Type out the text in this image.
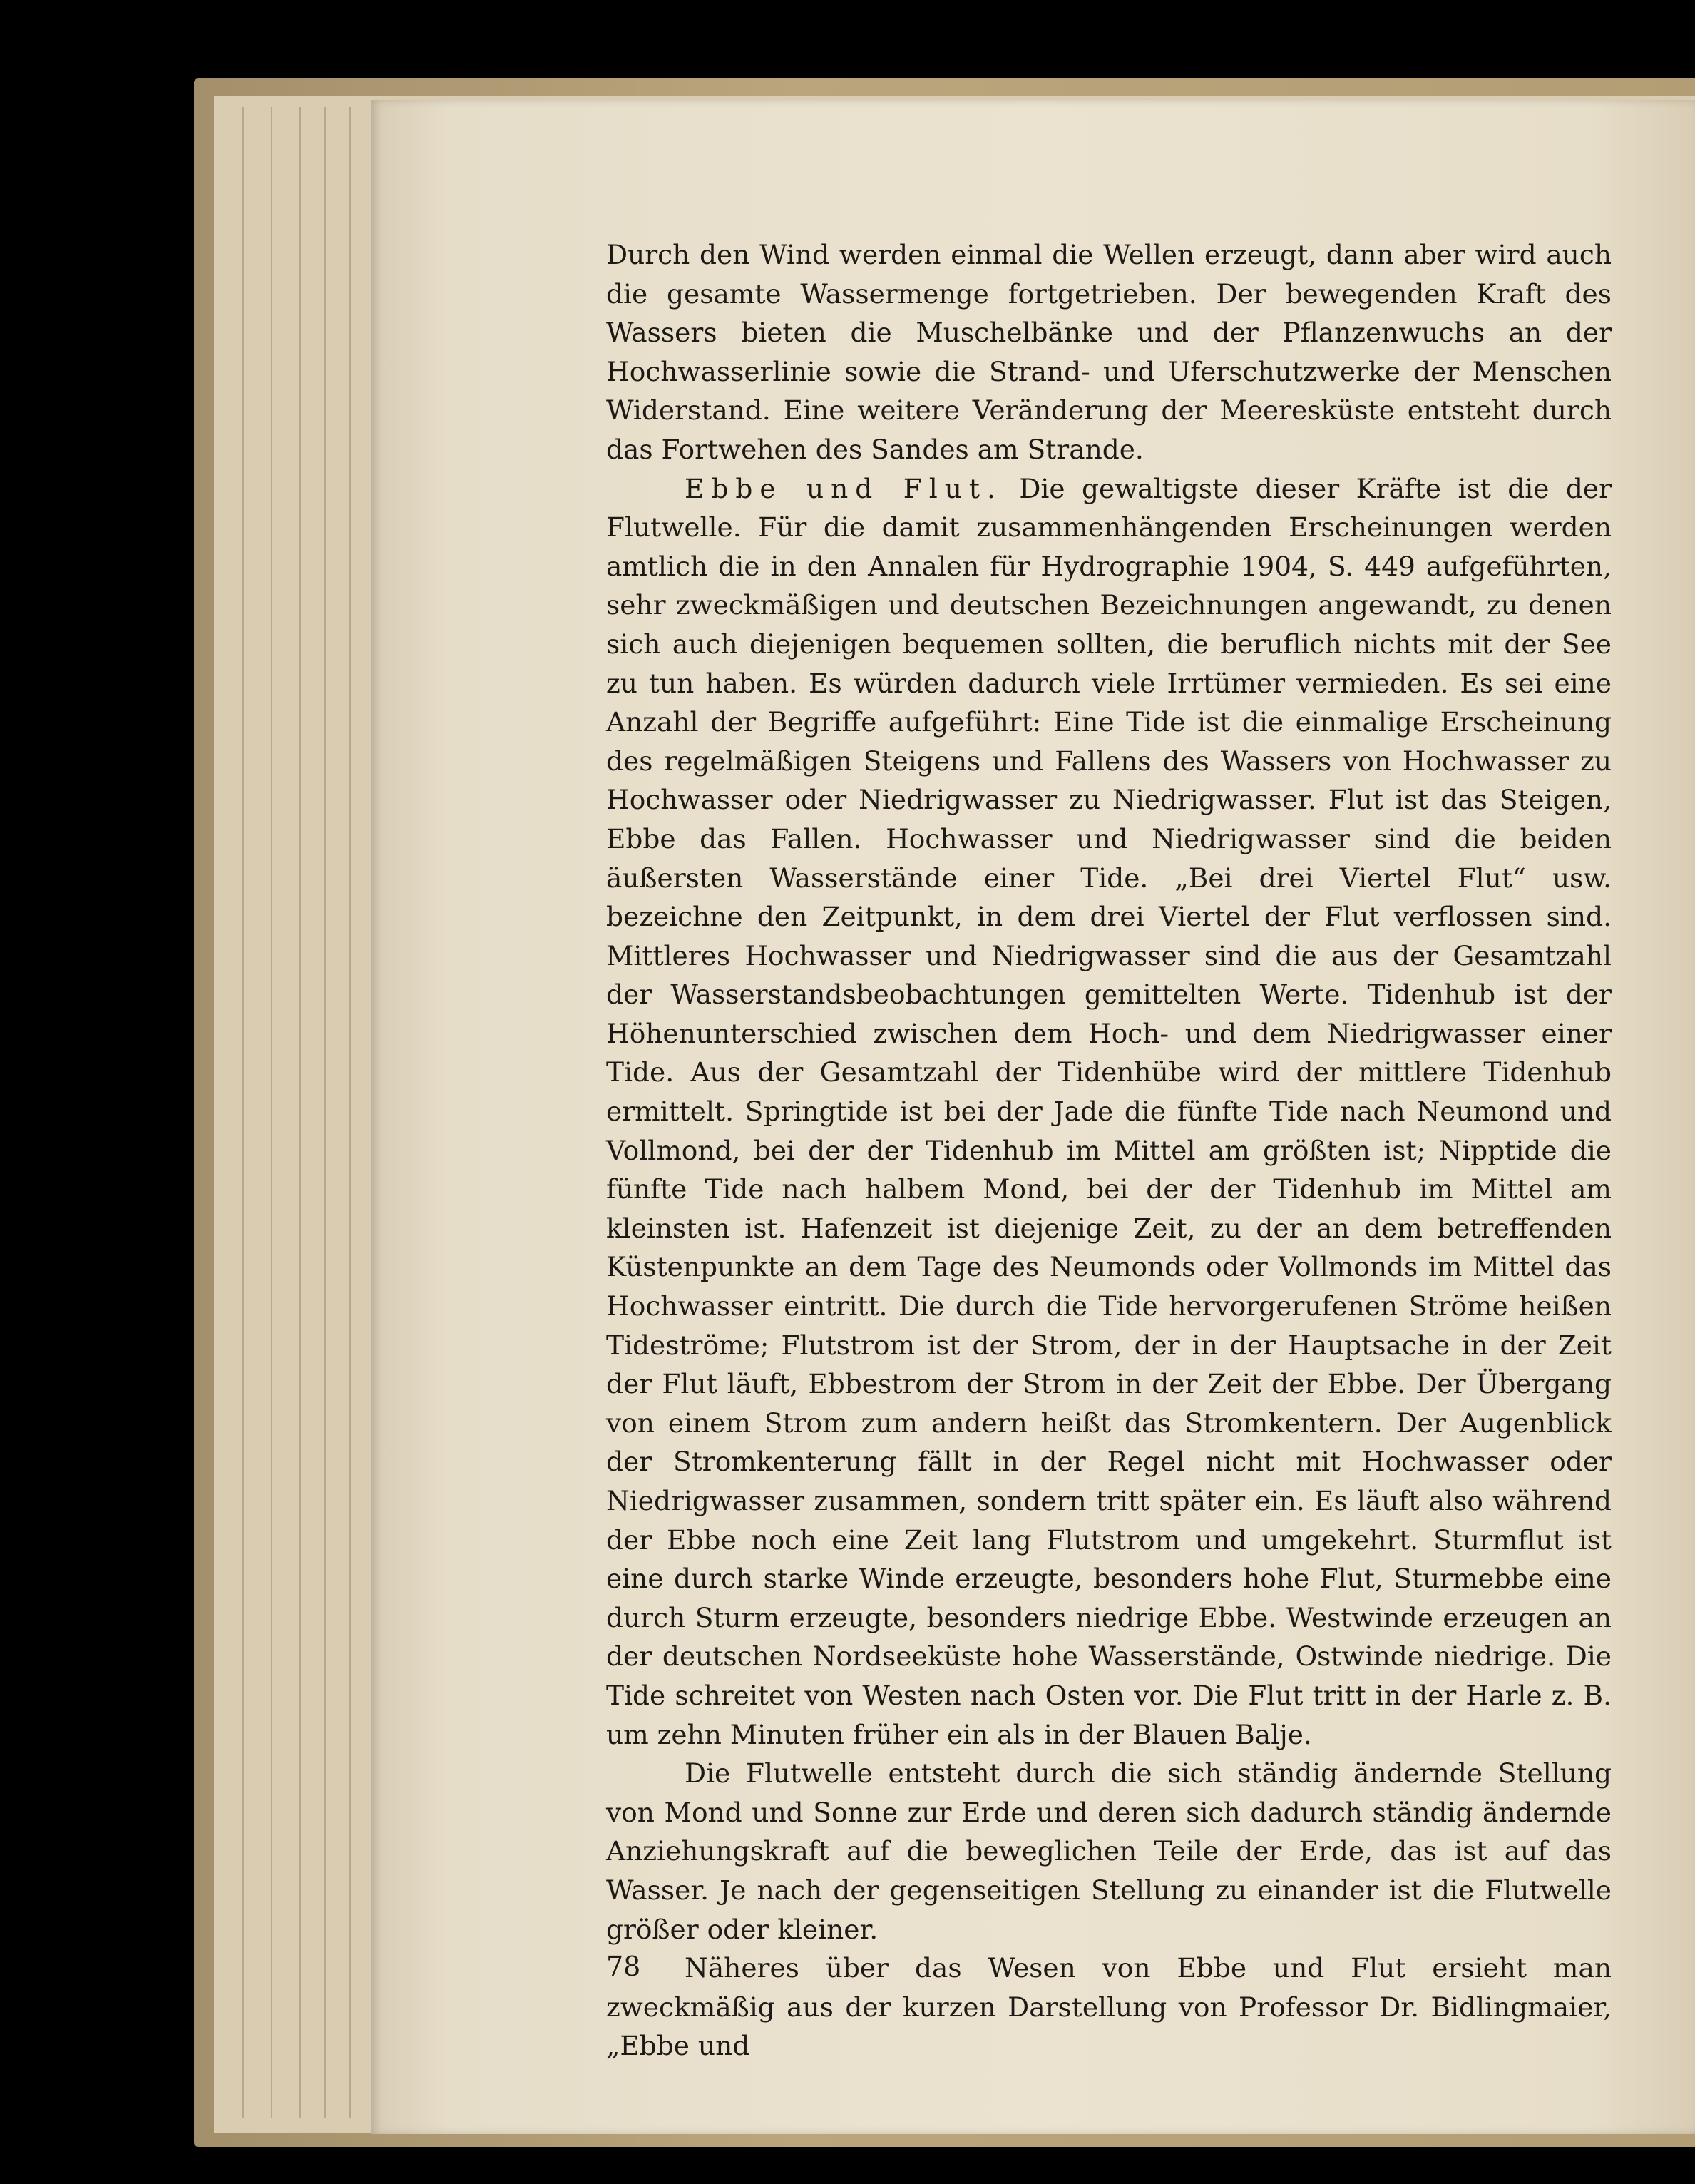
Durch den Wind werden einmal die Wellen erzeugt, dann aber wird auch die gesamte Wassermenge fortgetrieben. Der bewegenden Kraft des Wassers bieten die Muschelbänke und der Pflanzenwuchs an der Hochwasserlinie sowie die Strand- und Uferschutzwerke der Menschen Widerstand. Eine weitere Veränderung der Meeresküste entsteht durch das Fortwehen des Sandes am Strande.

Ebbe und Flut. Die gewaltigste dieser Kräfte ist die der Flutwelle. Für die damit zusammenhängenden Erscheinungen werden amtlich die in den Annalen für Hydrographie 1904, S. 449 aufgeführten, sehr zweckmäßigen und deutschen Bezeichnungen angewandt, zu denen sich auch diejenigen bequemen sollten, die beruflich nichts mit der See zu tun haben. Es würden dadurch viele Irrtümer vermieden. Es sei eine Anzahl der Begriffe aufgeführt: Eine Tide ist die einmalige Erscheinung des regelmäßigen Steigens und Fallens des Wassers von Hochwasser zu Hochwasser oder Niedrigwasser zu Niedrigwasser. Flut ist das Steigen, Ebbe das Fallen. Hochwasser und Niedrigwasser sind die beiden äußersten Wasserstände einer Tide. „Bei drei Viertel Flut“ usw. bezeichne den Zeitpunkt, in dem drei Viertel der Flut verflossen sind. Mittleres Hochwasser und Niedrigwasser sind die aus der Gesamtzahl der Wasserstandsbeobachtungen gemittelten Werte. Tidenhub ist der Höhenunterschied zwischen dem Hoch- und dem Niedrigwasser einer Tide. Aus der Gesamtzahl der Tidenhübe wird der mittlere Tidenhub ermittelt. Springtide ist bei der Jade die fünfte Tide nach Neumond und Vollmond, bei der der Tidenhub im Mittel am größten ist; Nipptide die fünfte Tide nach halbem Mond, bei der der Tidenhub im Mittel am kleinsten ist. Hafenzeit ist diejenige Zeit, zu der an dem betreffenden Küstenpunkte an dem Tage des Neumonds oder Vollmonds im Mittel das Hochwasser eintritt. Die durch die Tide hervorgerufenen Ströme heißen Tideströme; Flutstrom ist der Strom, der in der Hauptsache in der Zeit der Flut läuft, Ebbestrom der Strom in der Zeit der Ebbe. Der Übergang von einem Strom zum andern heißt das Stromkentern. Der Augenblick der Stromkenterung fällt in der Regel nicht mit Hochwasser oder Niedrigwasser zusammen, sondern tritt später ein. Es läuft also während der Ebbe noch eine Zeit lang Flutstrom und umgekehrt. Sturmflut ist eine durch starke Winde erzeugte, besonders hohe Flut, Sturmebbe eine durch Sturm erzeugte, besonders niedrige Ebbe. Westwinde erzeugen an der deutschen Nordseeküste hohe Wasserstände, Ostwinde niedrige. Die Tide schreitet von Westen nach Osten vor. Die Flut tritt in der Harle z. B. um zehn Minuten früher ein als in der Blauen Balje.

Die Flutwelle entsteht durch die sich ständig ändernde Stellung von Mond und Sonne zur Erde und deren sich dadurch ständig ändernde Anziehungskraft auf die beweglichen Teile der Erde, das ist auf das Wasser. Je nach der gegenseitigen Stellung zu einander ist die Flutwelle größer oder kleiner.

Näheres über das Wesen von Ebbe und Flut ersieht man zweckmäßig aus der kurzen Darstellung von Professor Dr. Bidlingmaier, „Ebbe und

78
